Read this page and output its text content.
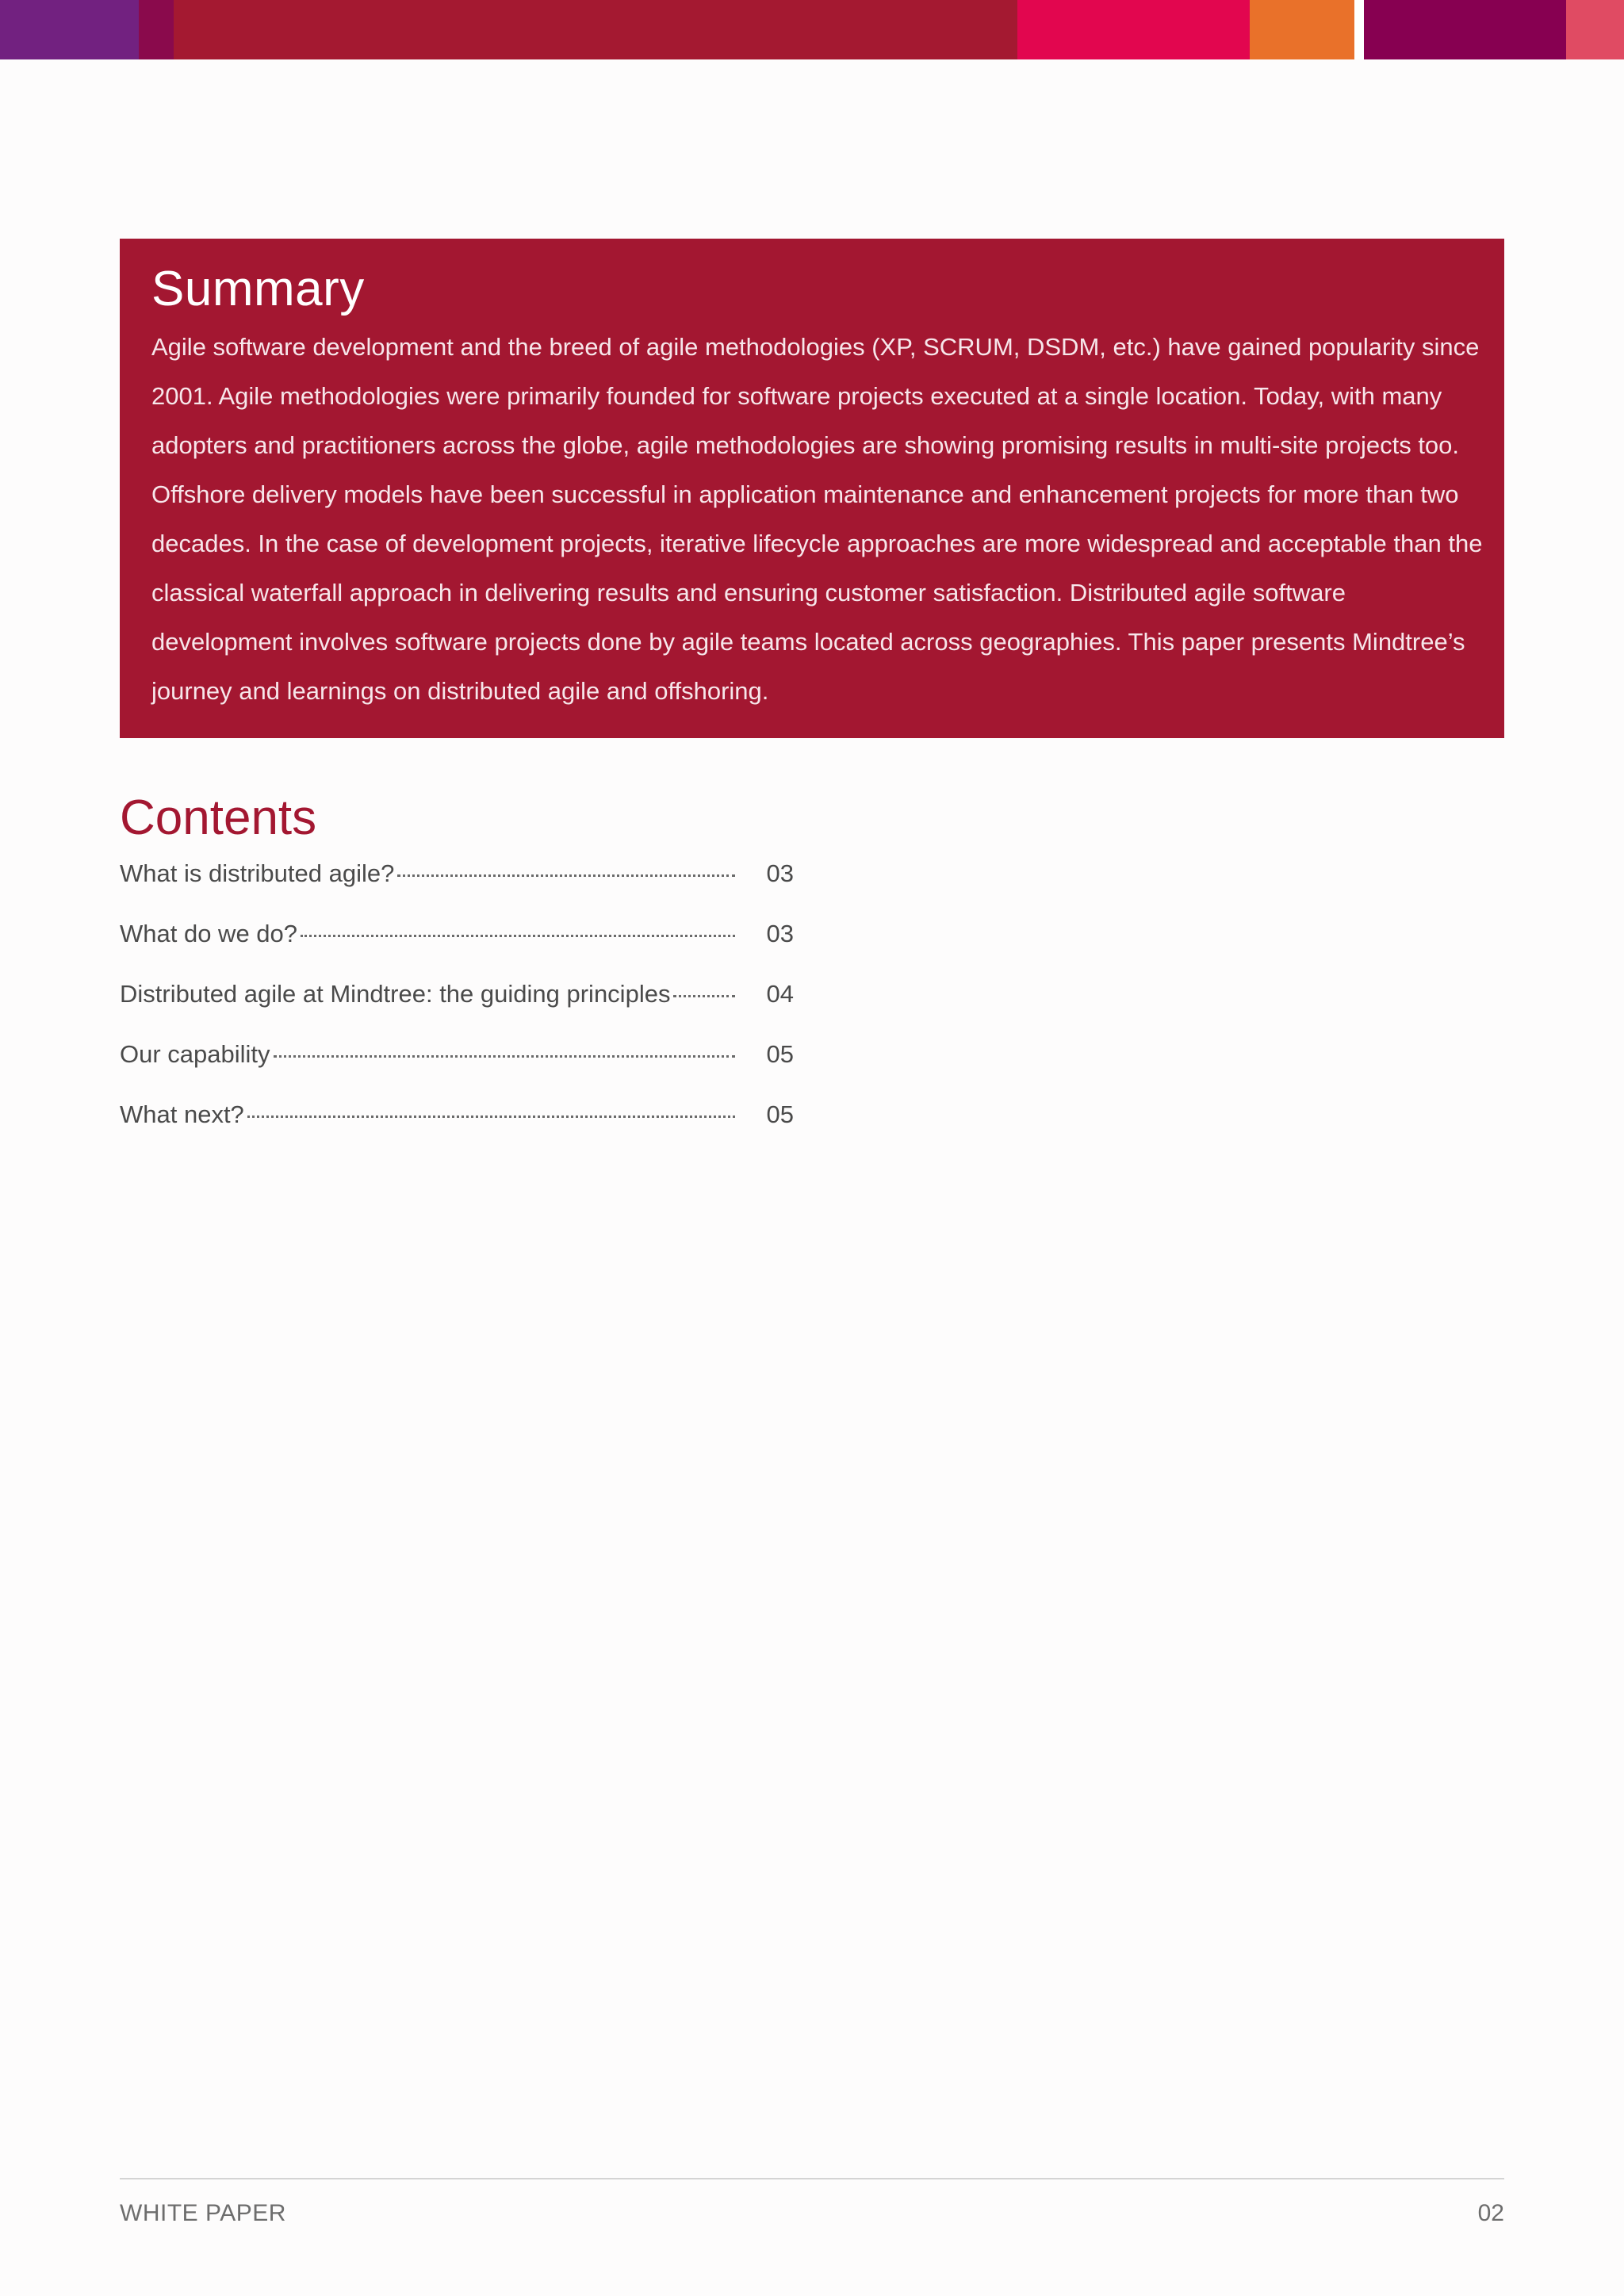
Summary

Agile software development and the breed of agile methodologies (XP, SCRUM, DSDM, etc.) have gained popularity since 2001. Agile methodologies were primarily founded for software projects executed at a single location. Today, with many adopters and practitioners across the globe, agile methodologies are showing promising results in multi-site projects too. Offshore delivery models have been successful in application maintenance and enhancement projects for more than two decades. In the case of development projects, iterative lifecycle approaches are more widespread and acceptable than the classical waterfall approach in delivering results and ensuring customer satisfaction. Distributed agile software development involves software projects done by agile teams located across geographies. This paper presents Mindtree’s journey and learnings on distributed agile and offshoring.

Contents
What is distributed agile?	03
What do we do?	03
Distributed agile at Mindtree: the guiding principles	04
Our capability	05
What next?	05
WHITE PAPER	02
